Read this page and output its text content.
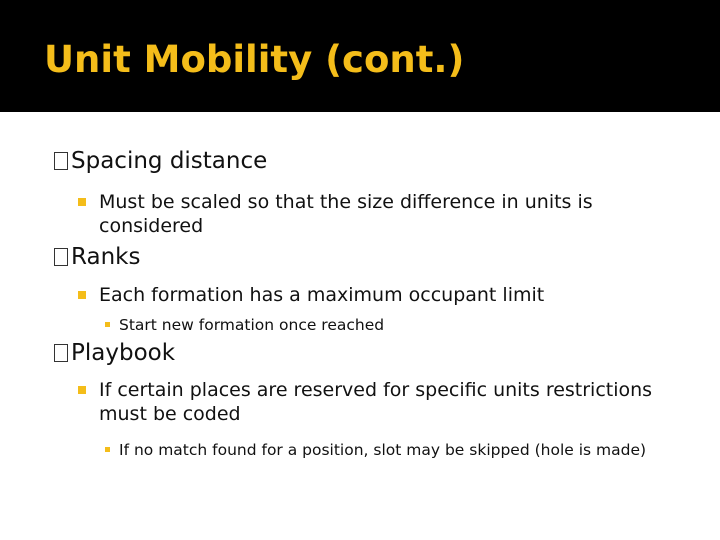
Unit Mobility (cont.)
Spacing distance
Must be scaled so that the size difference in units is considered
Ranks
Each formation has a maximum occupant limit
Start new formation once reached
Playbook
If certain places are reserved for specific units restrictions must be coded
If no match found for a position, slot may be skipped (hole is made)
